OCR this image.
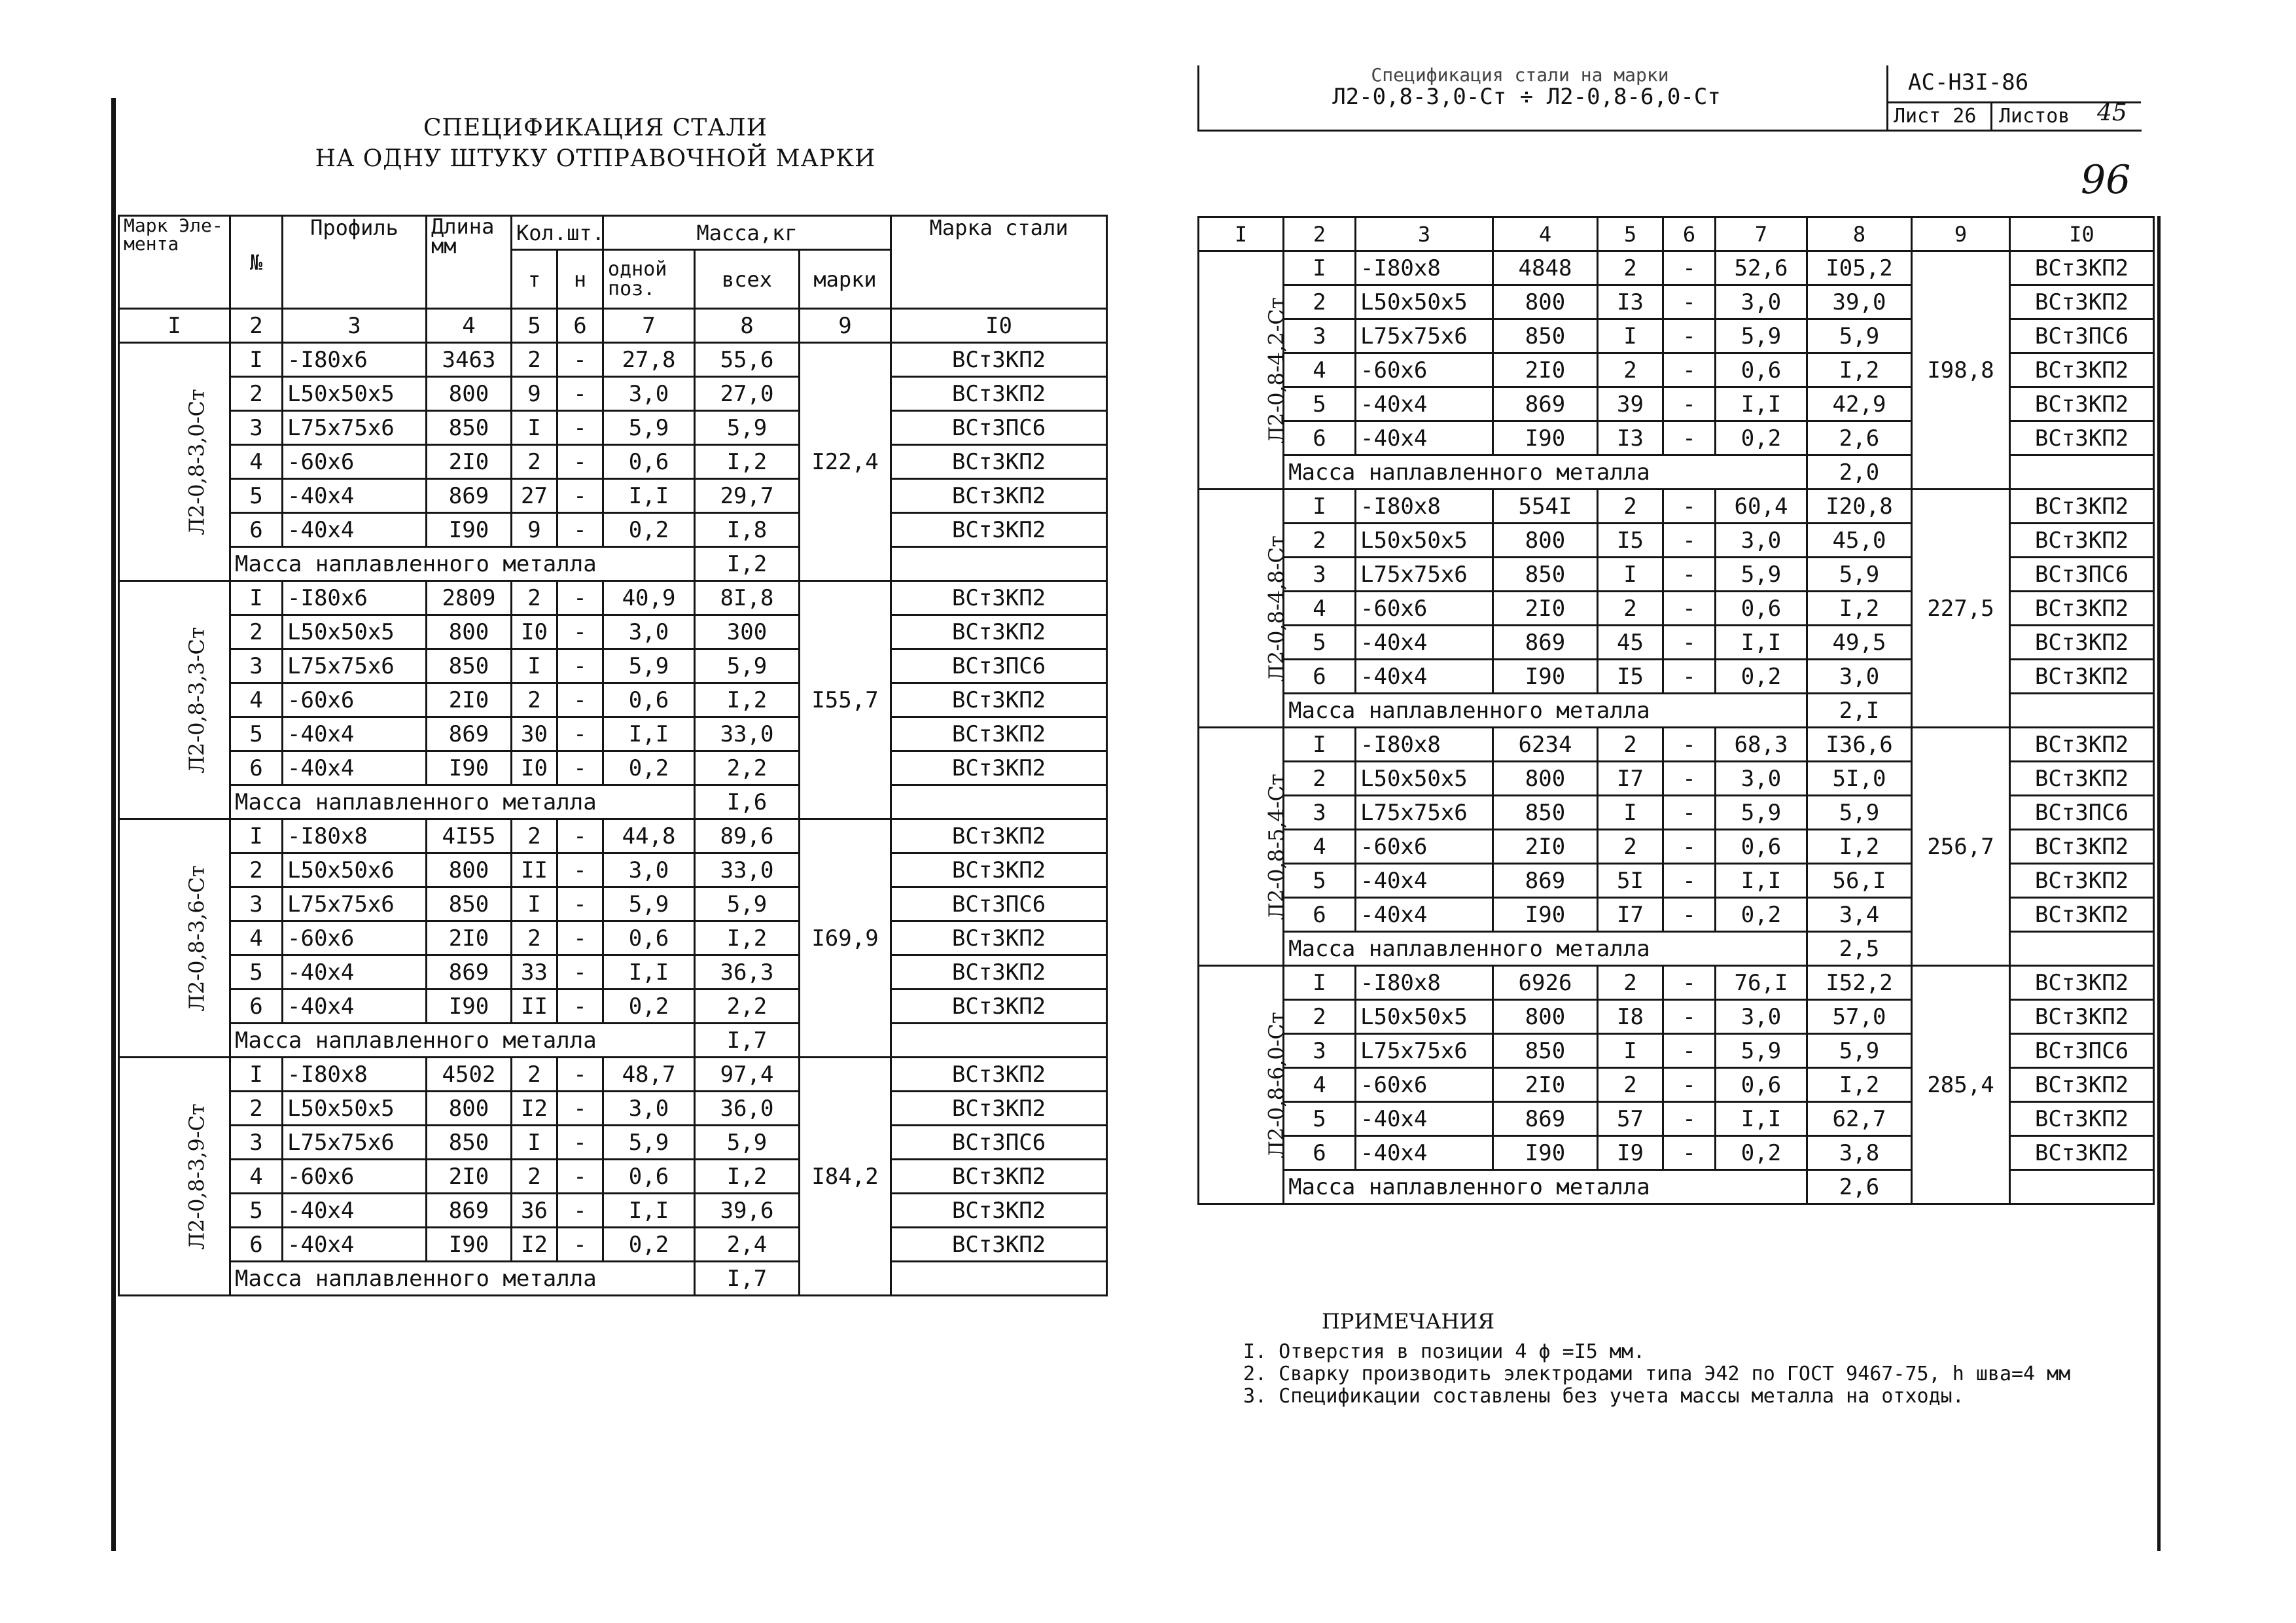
СПЕЦИФИКАЦИЯ СТАЛИ
НА ОДНУ ШТУКУ ОТПРАВОЧНОЙ МАРКИ
Марк Эле- мента	№	Профиль	Длина мм	Кол.шт.		Масса,кг			Марка стали
				т	н	одной поз.	всех	марки	
I	2	3	4	5	6	7	8	9	I0
Л2-0,8-3,0-Ст	I	-I80x6	3463	2	-	27,8	55,6	I22,4	ВСт3КП2
	2	L50x50x5	800	9	-	3,0	27,0		ВСт3КП2
	3	L75x75x6	850	I	-	5,9	5,9		ВСт3ПС6
	4	-60x6	2I0	2	-	0,6	I,2		ВСт3КП2
	5	-40x4	869	27	-	I,I	29,7		ВСт3КП2
	6	-40x4	I90	9	-	0,2	I,8		ВСт3КП2
	Масса наплавленного металла						I,2		
Л2-0,8-3,3-Ст	I	-I80x6	2809	2	-	40,9	8I,8	I55,7	ВСт3КП2
	2	L50x50x5	800	I0	-	3,0	300		ВСт3КП2
	3	L75x75x6	850	I	-	5,9	5,9		ВСт3ПС6
	4	-60x6	2I0	2	-	0,6	I,2		ВСт3КП2
	5	-40x4	869	30	-	I,I	33,0		ВСт3КП2
	6	-40x4	I90	I0	-	0,2	2,2		ВСт3КП2
	Масса наплавленного металла						I,6		
Л2-0,8-3,6-Ст	I	-I80x8	4I55	2	-	44,8	89,6	I69,9	ВСт3КП2
	2	L50x50x6	800	II	-	3,0	33,0		ВСт3КП2
	3	L75x75x6	850	I	-	5,9	5,9		ВСт3ПС6
	4	-60x6	2I0	2	-	0,6	I,2		ВСт3КП2
	5	-40x4	869	33	-	I,I	36,3		ВСт3КП2
	6	-40x4	I90	II	-	0,2	2,2		ВСт3КП2
	Масса наплавленного металла						I,7		
Л2-0,8-3,9-Ст	I	-I80x8	4502	2	-	48,7	97,4	I84,2	ВСт3КП2
	2	L50x50x5	800	I2	-	3,0	36,0		ВСт3КП2
	3	L75x75x6	850	I	-	5,9	5,9		ВСт3ПС6
	4	-60x6	2I0	2	-	0,6	I,2		ВСт3КП2
	5	-40x4	869	36	-	I,I	39,6		ВСт3КП2
	6	-40x4	I90	I2	-	0,2	2,4		ВСт3КП2
	Масса наплавленного металла						I,7		
Спецификация стали на марки
Л2-0,8-3,0-Ст ÷ Л2-0,8-6,0-Ст
АС-Н3I-86
Лист 26 Листов 45
96
I	2	3	4	5	6	7	8	9	I0
Л2-0,8-4,2-Ст	I	-I80x8	4848	2	-	52,6	I05,2	I98,8	ВСт3КП2
	2	L50x50x5	800	I3	-	3,0	39,0		ВСт3КП2
	3	L75x75x6	850	I	-	5,9	5,9		ВСт3ПС6
	4	-60x6	2I0	2	-	0,6	I,2		ВСт3КП2
	5	-40x4	869	39	-	I,I	42,9		ВСт3КП2
	6	-40x4	I90	I3	-	0,2	2,6		ВСт3КП2
	Масса наплавленного металла						2,0		
Л2-0,8-4,8-Ст	I	-I80x8	554I	2	-	60,4	I20,8	227,5	ВСт3КП2
	2	L50x50x5	800	I5	-	3,0	45,0		ВСт3КП2
	3	L75x75x6	850	I	-	5,9	5,9		ВСт3ПС6
	4	-60x6	2I0	2	-	0,6	I,2		ВСт3КП2
	5	-40x4	869	45	-	I,I	49,5		ВСт3КП2
	6	-40x4	I90	I5	-	0,2	3,0		ВСт3КП2
	Масса наплавленного металла						2,I		
Л2-0,8-5,4-Ст	I	-I80x8	6234	2	-	68,3	I36,6	256,7	ВСт3КП2
	2	L50x50x5	800	I7	-	3,0	5I,0		ВСт3КП2
	3	L75x75x6	850	I	-	5,9	5,9		ВСт3ПС6
	4	-60x6	2I0	2	-	0,6	I,2		ВСт3КП2
	5	-40x4	869	5I	-	I,I	56,I		ВСт3КП2
	6	-40x4	I90	I7	-	0,2	3,4		ВСт3КП2
	Масса наплавленного металла						2,5		
Л2-0,8-6,0-Ст	I	-I80x8	6926	2	-	76,I	I52,2	285,4	ВСт3КП2
	2	L50x50x5	800	I8	-	3,0	57,0		ВСт3КП2
	3	L75x75x6	850	I	-	5,9	5,9		ВСт3ПС6
	4	-60x6	2I0	2	-	0,6	I,2		ВСт3КП2
	5	-40x4	869	57	-	I,I	62,7		ВСт3КП2
	6	-40x4	I90	I9	-	0,2	3,8		ВСт3КП2
	Масса наплавленного металла						2,6		
ПРИМЕЧАНИЯ
I. Отверстия в позиции 4 ϕ =I5 мм.
2. Сварку производить электродами типа Э42 по ГОСТ 9467-75, h шва=4 мм
3. Спецификации составлены без учета массы металла на отходы.
